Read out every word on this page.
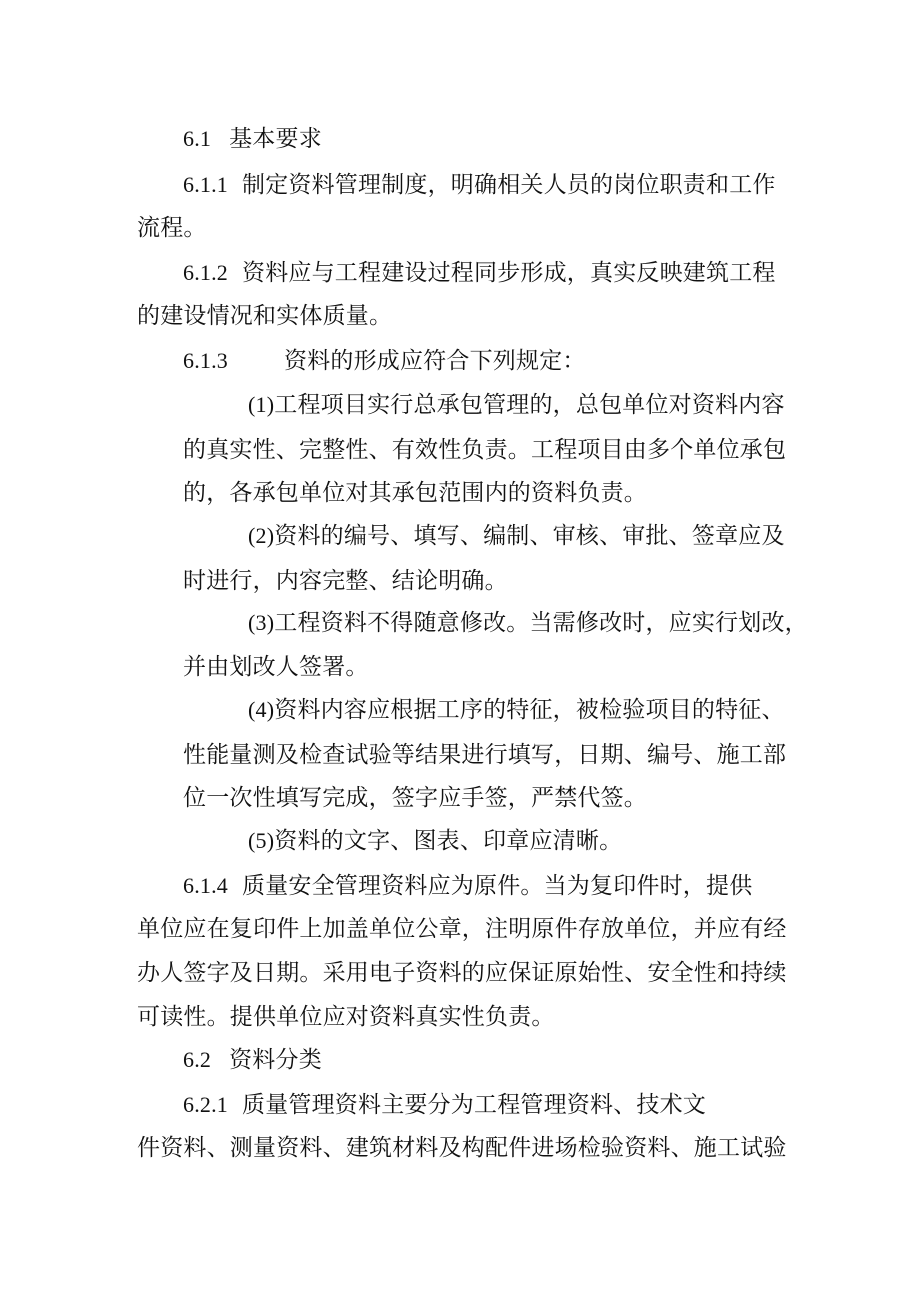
6.1 基本要求
6.1.1 制定资料管理制度，明确相关人员的岗位职责和工作
流程。
6.1.2 资料应与工程建设过程同步形成，真实反映建筑工程
的建设情况和实体质量。
6.1.3 资料的形成应符合下列规定：
(1)工程项目实行总承包管理的，总包单位对资料内容
的真实性、完整性、有效性负责。工程项目由多个单位承包
的，各承包单位对其承包范围内的资料负责。
(2)资料的编号、填写、编制、审核、审批、签章应及
时进行，内容完整、结论明确。
(3)工程资料不得随意修改。当需修改时，应实行划改，
并由划改人签署。
(4)资料内容应根据工序的特征，被检验项目的特征、
性能量测及检查试验等结果进行填写，日期、编号、施工部
位一次性填写完成，签字应手签，严禁代签。
(5)资料的文字、图表、印章应清晰。
6.1.4 质量安全管理资料应为原件。当为复印件时，提供
单位应在复印件上加盖单位公章，注明原件存放单位，并应有经
办人签字及日期。采用电子资料的应保证原始性、安全性和持续
可读性。提供单位应对资料真实性负责。
6.2 资料分类
6.2.1 质量管理资料主要分为工程管理资料、技术文
件资料、测量资料、建筑材料及构配件进场检验资料、施工试验
